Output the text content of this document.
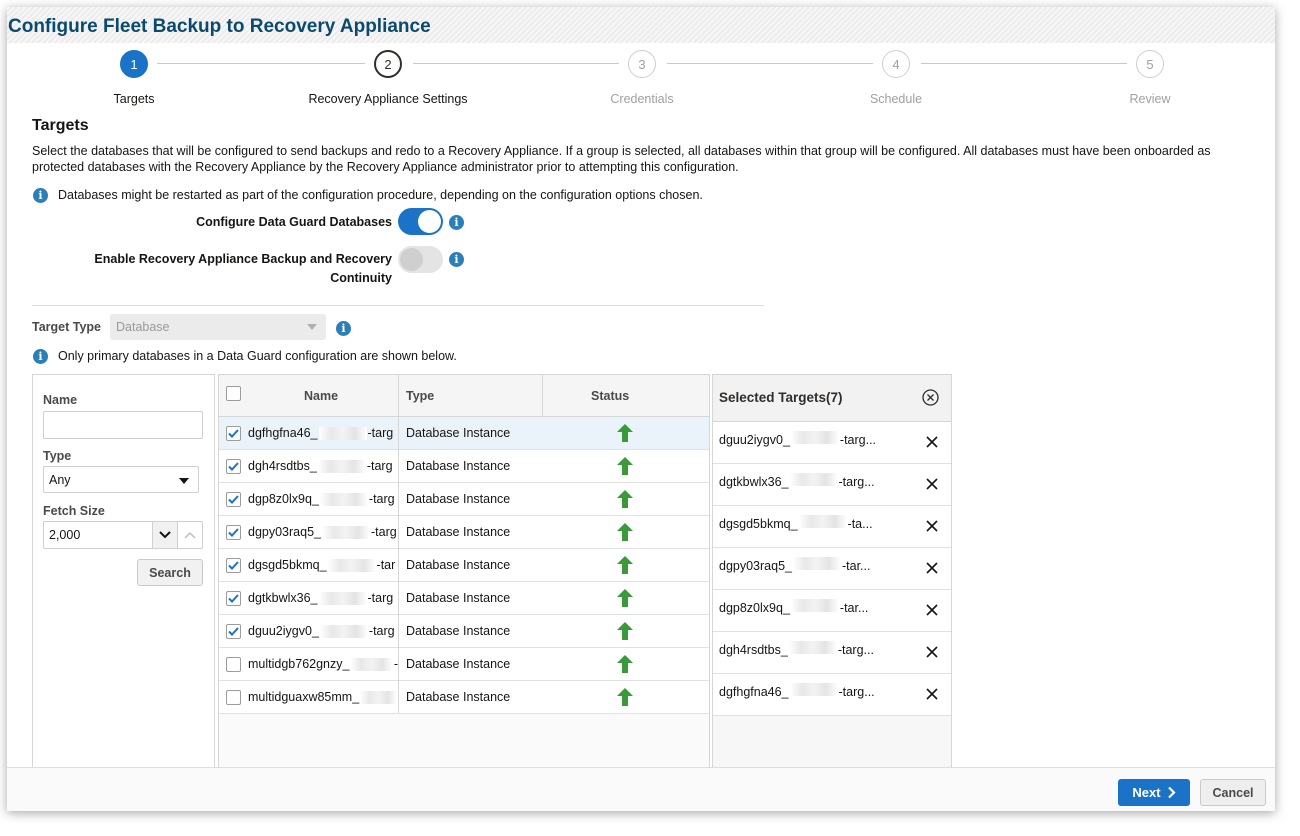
Configure Fleet Backup to Recovery Appliance
1	2	3	4	5
Targets	Recovery Appliance Settings	Credentials	Schedule	Review
Targets
Select the databases that will be configured to send backups and redo to a Recovery Appliance. If a group is selected, all databases within that group will be configured. All databases must have been onboarded as protected databases with the Recovery Appliance by the Recovery Appliance administrator prior to attempting this configuration.
i	Databases might be restarted as part of the configuration procedure, depending on the configuration options chosen.
Configure Data Guard Databases	i
Enable Recovery Appliance Backup and Recovery Continuity
i
Target Type	Database	i
i	Only primary databases in a Data Guard configuration are shown below.
Name
Type
Any
Fetch Size
2,000
Search
Name	Type	Status
dgfhgfna46_	-targ Database Instance
dgh4rsdtbs_	-targ Database Instance
dgp8z0lx9q_	-targ Database Instance
dgpy03raq5_	-targ Database Instance
dgsgd5bkmq_	-tar Database Instance
dgtkbwlx36_	-targ Database Instance
dguu2iygv0_	-targ Database Instance
multidgb762gnzy_	- Database Instance
multidguaxw85mm_	Database Instance
Selected Targets(7)
dguu2iygv0_	-targ...
dgtkbwlx36_	-targ...
dgsgd5bkmq_	-ta...
dgpy03raq5_	-tar...
dgp8z0lx9q_	-tar...
dgh4rsdtbs_	-targ...
dgfhgfna46_	-targ...
Next	Cancel
